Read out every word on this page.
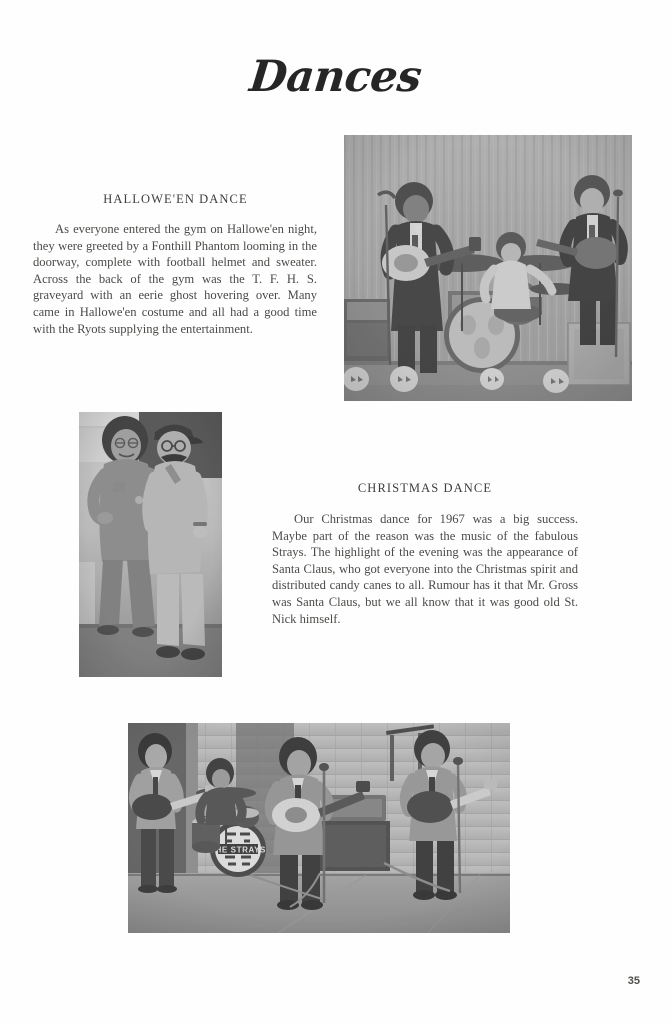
Dances
HALLOWE'EN DANCE

As everyone entered the gym on Hallowe'en night, they were greeted by a Fonthill Phantom looming in the doorway, complete with football helmet and sweater. Across the back of the gym was the T. F. H. S. graveyard with an eerie ghost hovering over. Many came in Hallowe'en costume and all had a good time with the Ryots supplying the entertainment.

CHRISTMAS DANCE

Our Christmas dance for 1967 was a big success. Maybe part of the reason was the music of the fabulous Strays. The highlight of the evening was the appearance of Santa Claus, who got everyone into the Christmas spirit and distributed candy canes to all. Rumour has it that Mr. Gross was Santa Claus, but we all know that it was good old St. Nick himself.

35
